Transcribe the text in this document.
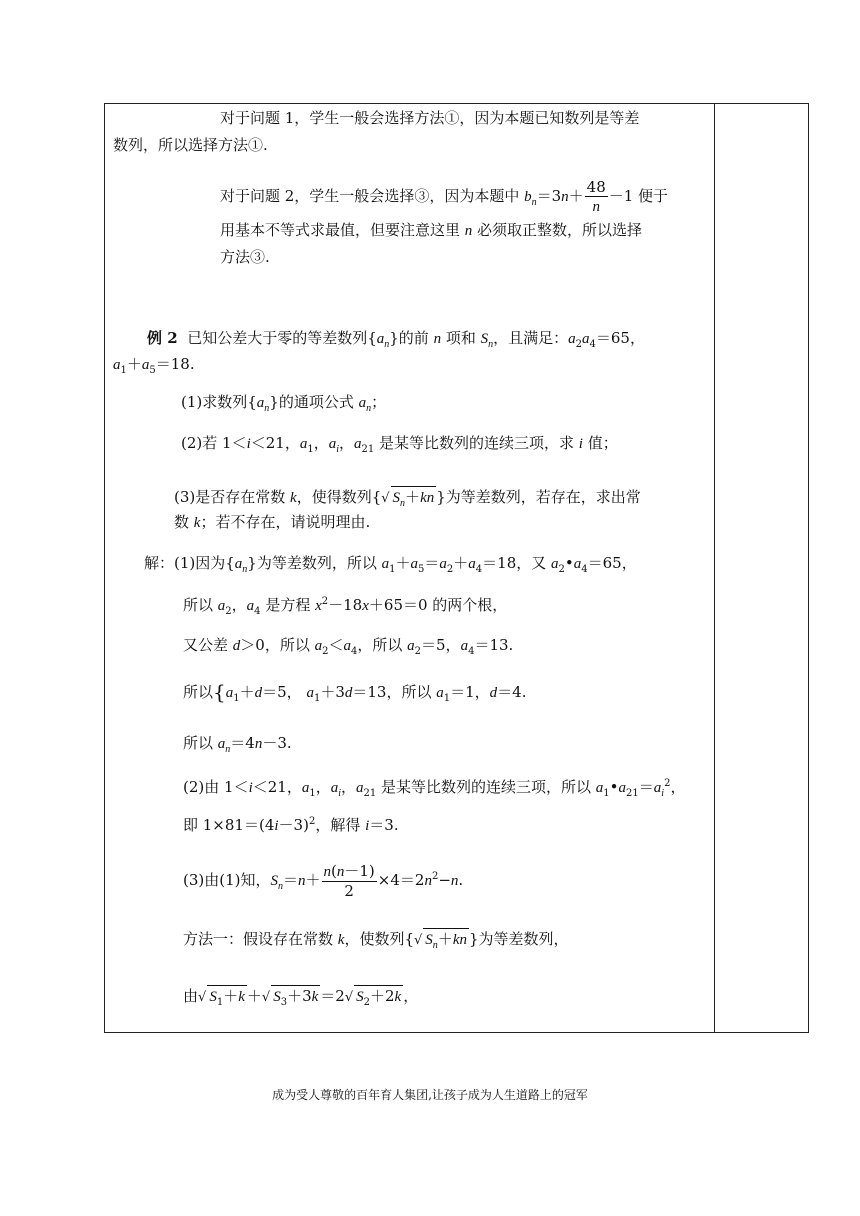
对于问题 1，学生一般会选择方法①，因为本题已知数列是等差
数列，所以选择方法①.
对于问题 2，学生一般会选择③，因为本题中 $b_n=3n+ \frac{48}{n} -1$ 便于
用基本不等式求最值，但要注意这里 n 必须取正整数，所以选择
方法③.
例 2  已知公差大于零的等差数列$\{a_n\}$的前 n 项和 $S_n$，且满足：$a_2a_4=65$，
$a_1+a_5=18$.
(1)求数列$\{a_n\}$的通项公式 $a_n$；
(2)若 1＜i＜21，$a_1$，$a_i$，$a_{21}$ 是某等比数列的连续三项，求 i 值；
(3)是否存在常数 k，使得数列{√ $S_n+kn$ }为等差数列，若存在，求出常
数 k；若不存在，请说明理由.
解：(1)因为$\{a_n\}$为等差数列，所以 $a_1+a_5=a_2+a_4=18$，又 $a_2•a_4=65$，
所以 $a_2$，$a_4$ 是方程 $x^2-18x+65=0$ 的两个根，
又公差 d＞0，所以 $a_2<a_4$，所以 $a_2=5$，$a_4=13$.
所以{$a_1+d=5$， $a_1+3d=13$，所以 $a_1=1$，d＝4.
所以 $a_n=4n-3$.
(2)由 1＜i＜21，$a_1$，$a_i$，$a_{21}$ 是某等比数列的连续三项，所以 $a_1•a_{21}=a_i^2$，
即 $1\times 81=(4i-3)^2$，解得 i＝3.
(3)由(1)知，$S_n=n+ \frac{n(n-1)}{2} \times 4=2n^2-n$.
方法一：假设存在常数 k，使数列{√ $S_n+kn$ }为等差数列，
由√ $S_1+k$ ＋√ $S_3+3k =2√$ $S_2+2k$ ，
成为受人尊敬的百年育人集团,让孩子成为人生道路上的冠军
